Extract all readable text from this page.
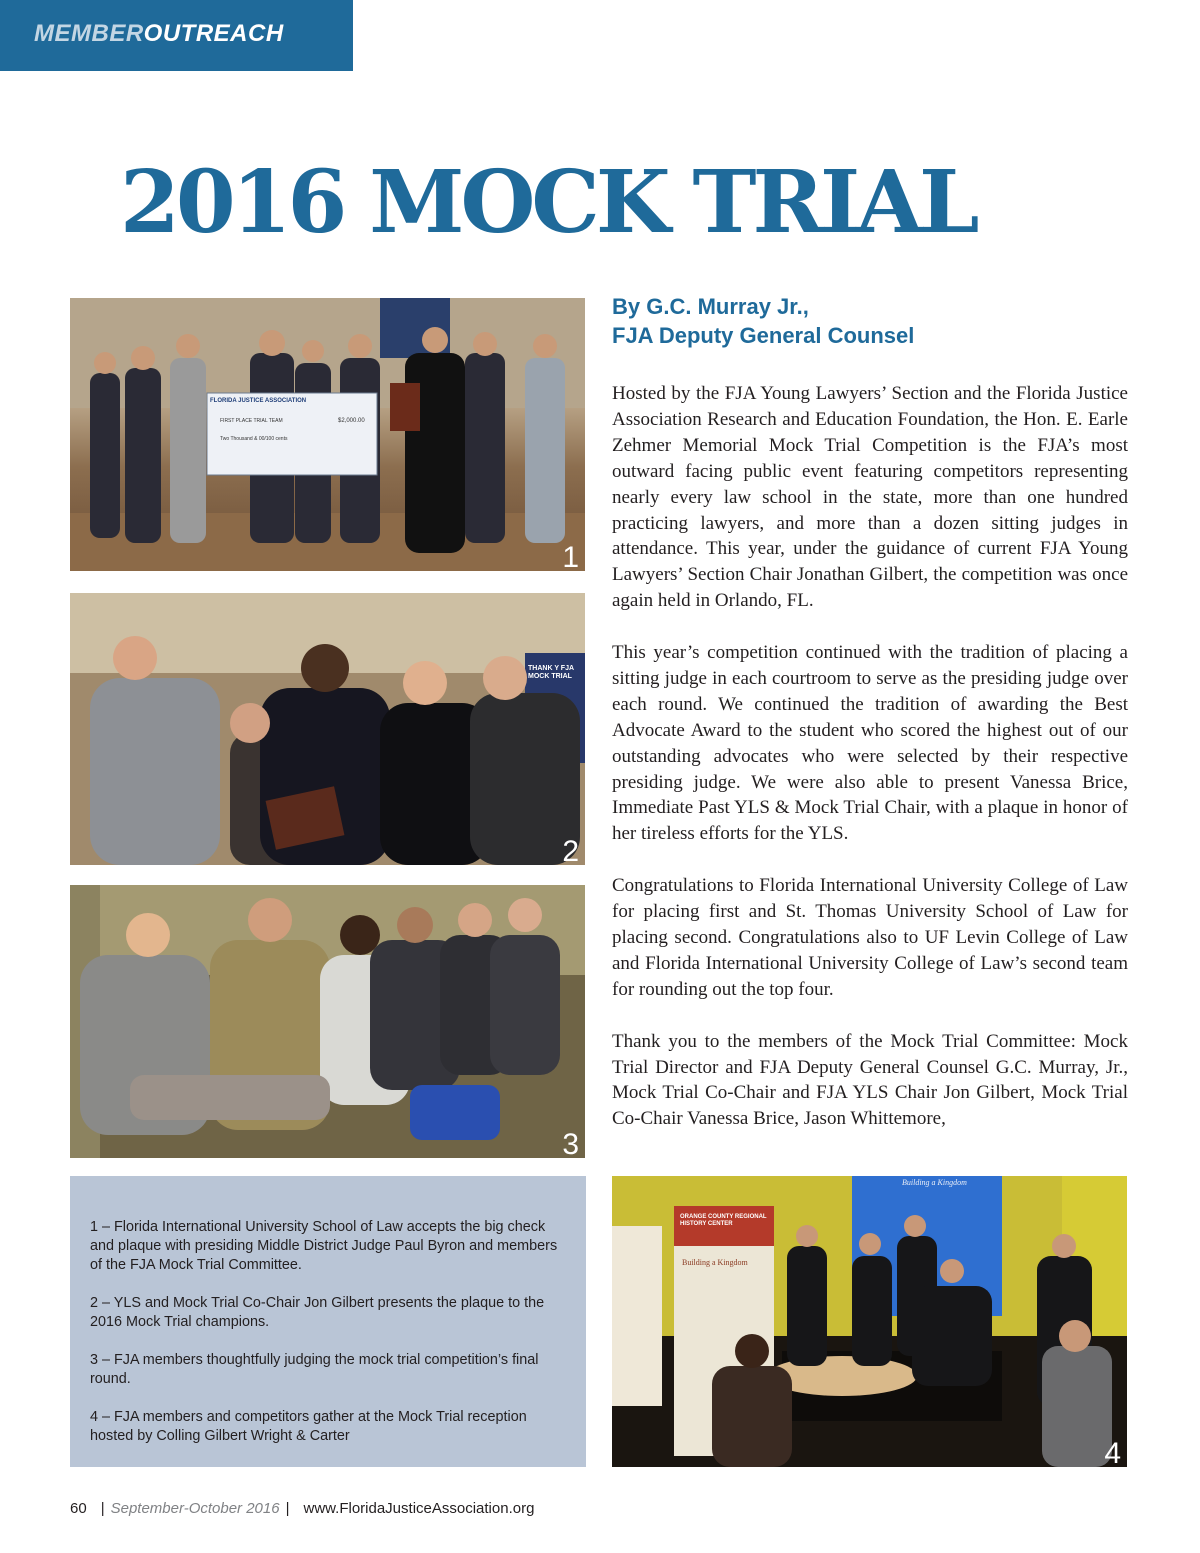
MEMBEROUTREACH
2016 MOCK TRIAL
FLORIDA JUSTICE ASSOCIATION
FIRST PLACE TRIAL TEAM	$2,000.00
Two Thousand & 00/100 cents
1
THANK Y FJA MOCK TRIAL
2
3
By G.C. Murray Jr.,
FJA Deputy General Counsel

Hosted by the FJA Young Lawyers’ Section and the Florida Justice Association Research and Education Foundation, the Hon. E. Earle Zehmer Memorial Mock Trial Competition is the FJA’s most outward facing public event featuring competitors representing nearly every law school in the state, more than one hundred practicing lawyers, and more than a dozen sitting judges in attendance. This year, under the guidance of current FJA Young Lawyers’ Section Chair Jonathan Gilbert, the competition was once again held in Orlando, FL.

This year’s competition continued with the tradition of placing a sitting judge in each courtroom to serve as the presiding judge over each round. We continued the tradition of awarding the Best Advocate Award to the student who scored the highest out of our outstanding advocates who were selected by their respective presiding judge. We were also able to present Vanessa Brice, Immediate Past YLS & Mock Trial Chair, with a plaque in honor of her tireless efforts for the YLS.

Congratulations to Florida International University College of Law for placing first and St. Thomas University School of Law for placing second. Congratulations also to UF Levin College of Law and Florida International University College of Law’s second team for rounding out the top four.

Thank you to the members of the Mock Trial Committee: Mock Trial Director and FJA Deputy General Counsel G.C. Murray, Jr., Mock Trial Co-Chair and FJA YLS Chair Jon Gilbert, Mock Trial Co-Chair Vanessa Brice, Jason Whittemore,

1 – Florida International University School of Law accepts the big check and plaque with presiding Middle District Judge Paul Byron and members of the FJA Mock Trial Committee.

2 – YLS and Mock Trial Co-Chair Jon Gilbert presents the plaque to the 2016 Mock Trial champions.

3 – FJA members thoughtfully judging the mock trial competition’s final round.

4 – FJA members and competitors gather at the Mock Trial reception hosted by Colling Gilbert Wright & Carter

ORANGE COUNTY REGIONAL HISTORY CENTER
Building a Kingdom
Building a Kingdom
4
60 | September-October 2016 | www.FloridaJusticeAssociation.org
